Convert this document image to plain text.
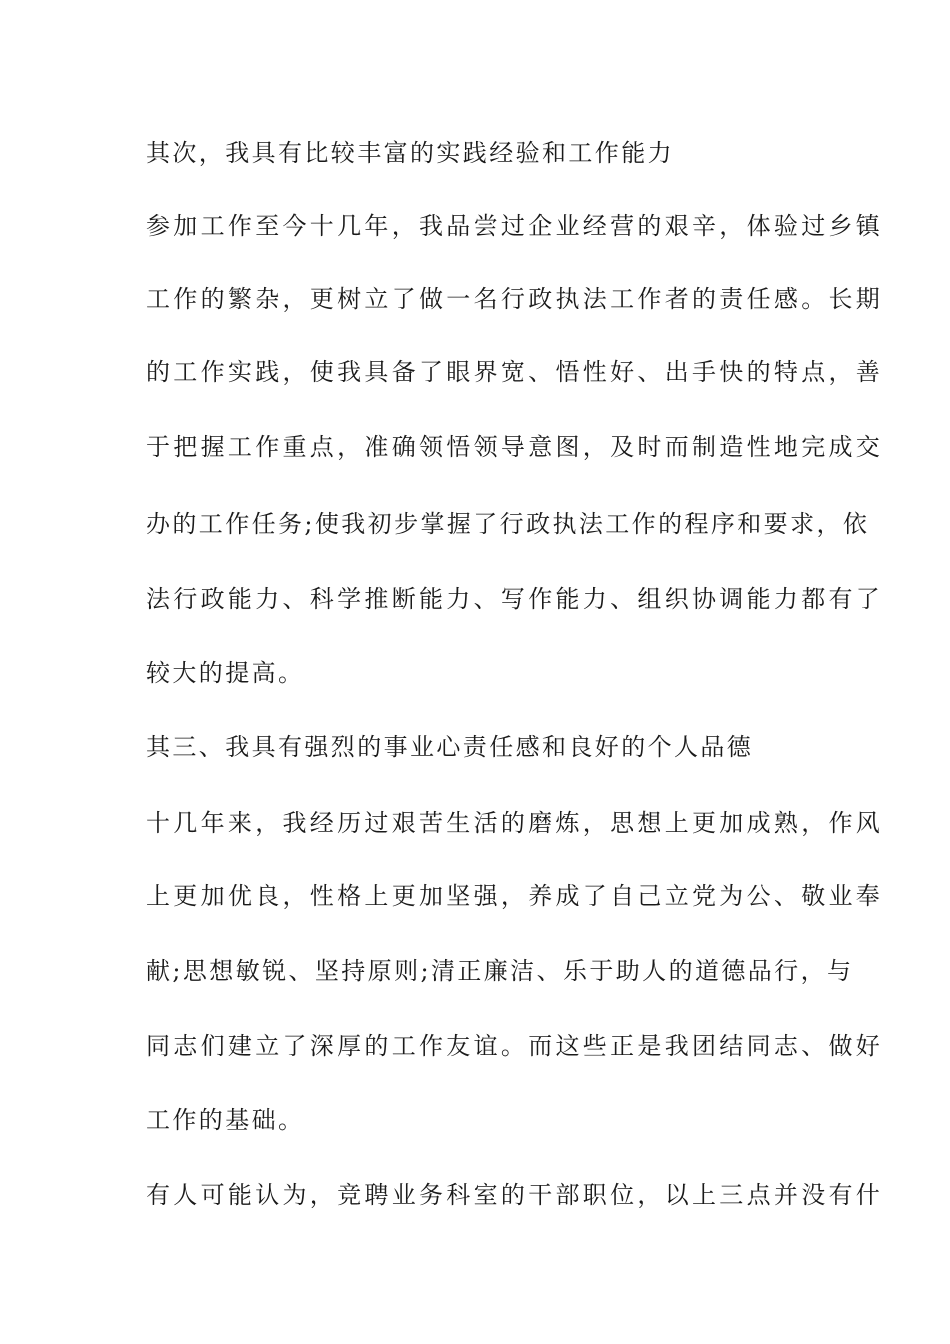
其次，我具有比较丰富的实践经验和工作能力
参加工作至今十几年，我品尝过企业经营的艰辛，体验过乡镇
工作的繁杂，更树立了做一名行政执法工作者的责任感。长期
的工作实践，使我具备了眼界宽、悟性好、出手快的特点，善
于把握工作重点，准确领悟领导意图，及时而制造性地完成交
办的工作任务;使我初步掌握了行政执法工作的程序和要求，依
法行政能力、科学推断能力、写作能力、组织协调能力都有了
较大的提高。
其三、我具有强烈的事业心责任感和良好的个人品德
十几年来，我经历过艰苦生活的磨炼，思想上更加成熟，作风
上更加优良，性格上更加坚强，养成了自己立党为公、敬业奉
献;思想敏锐、坚持原则;清正廉洁、乐于助人的道德品行，与
同志们建立了深厚的工作友谊。而这些正是我团结同志、做好
工作的基础。
有人可能认为，竞聘业务科室的干部职位，以上三点并没有什
